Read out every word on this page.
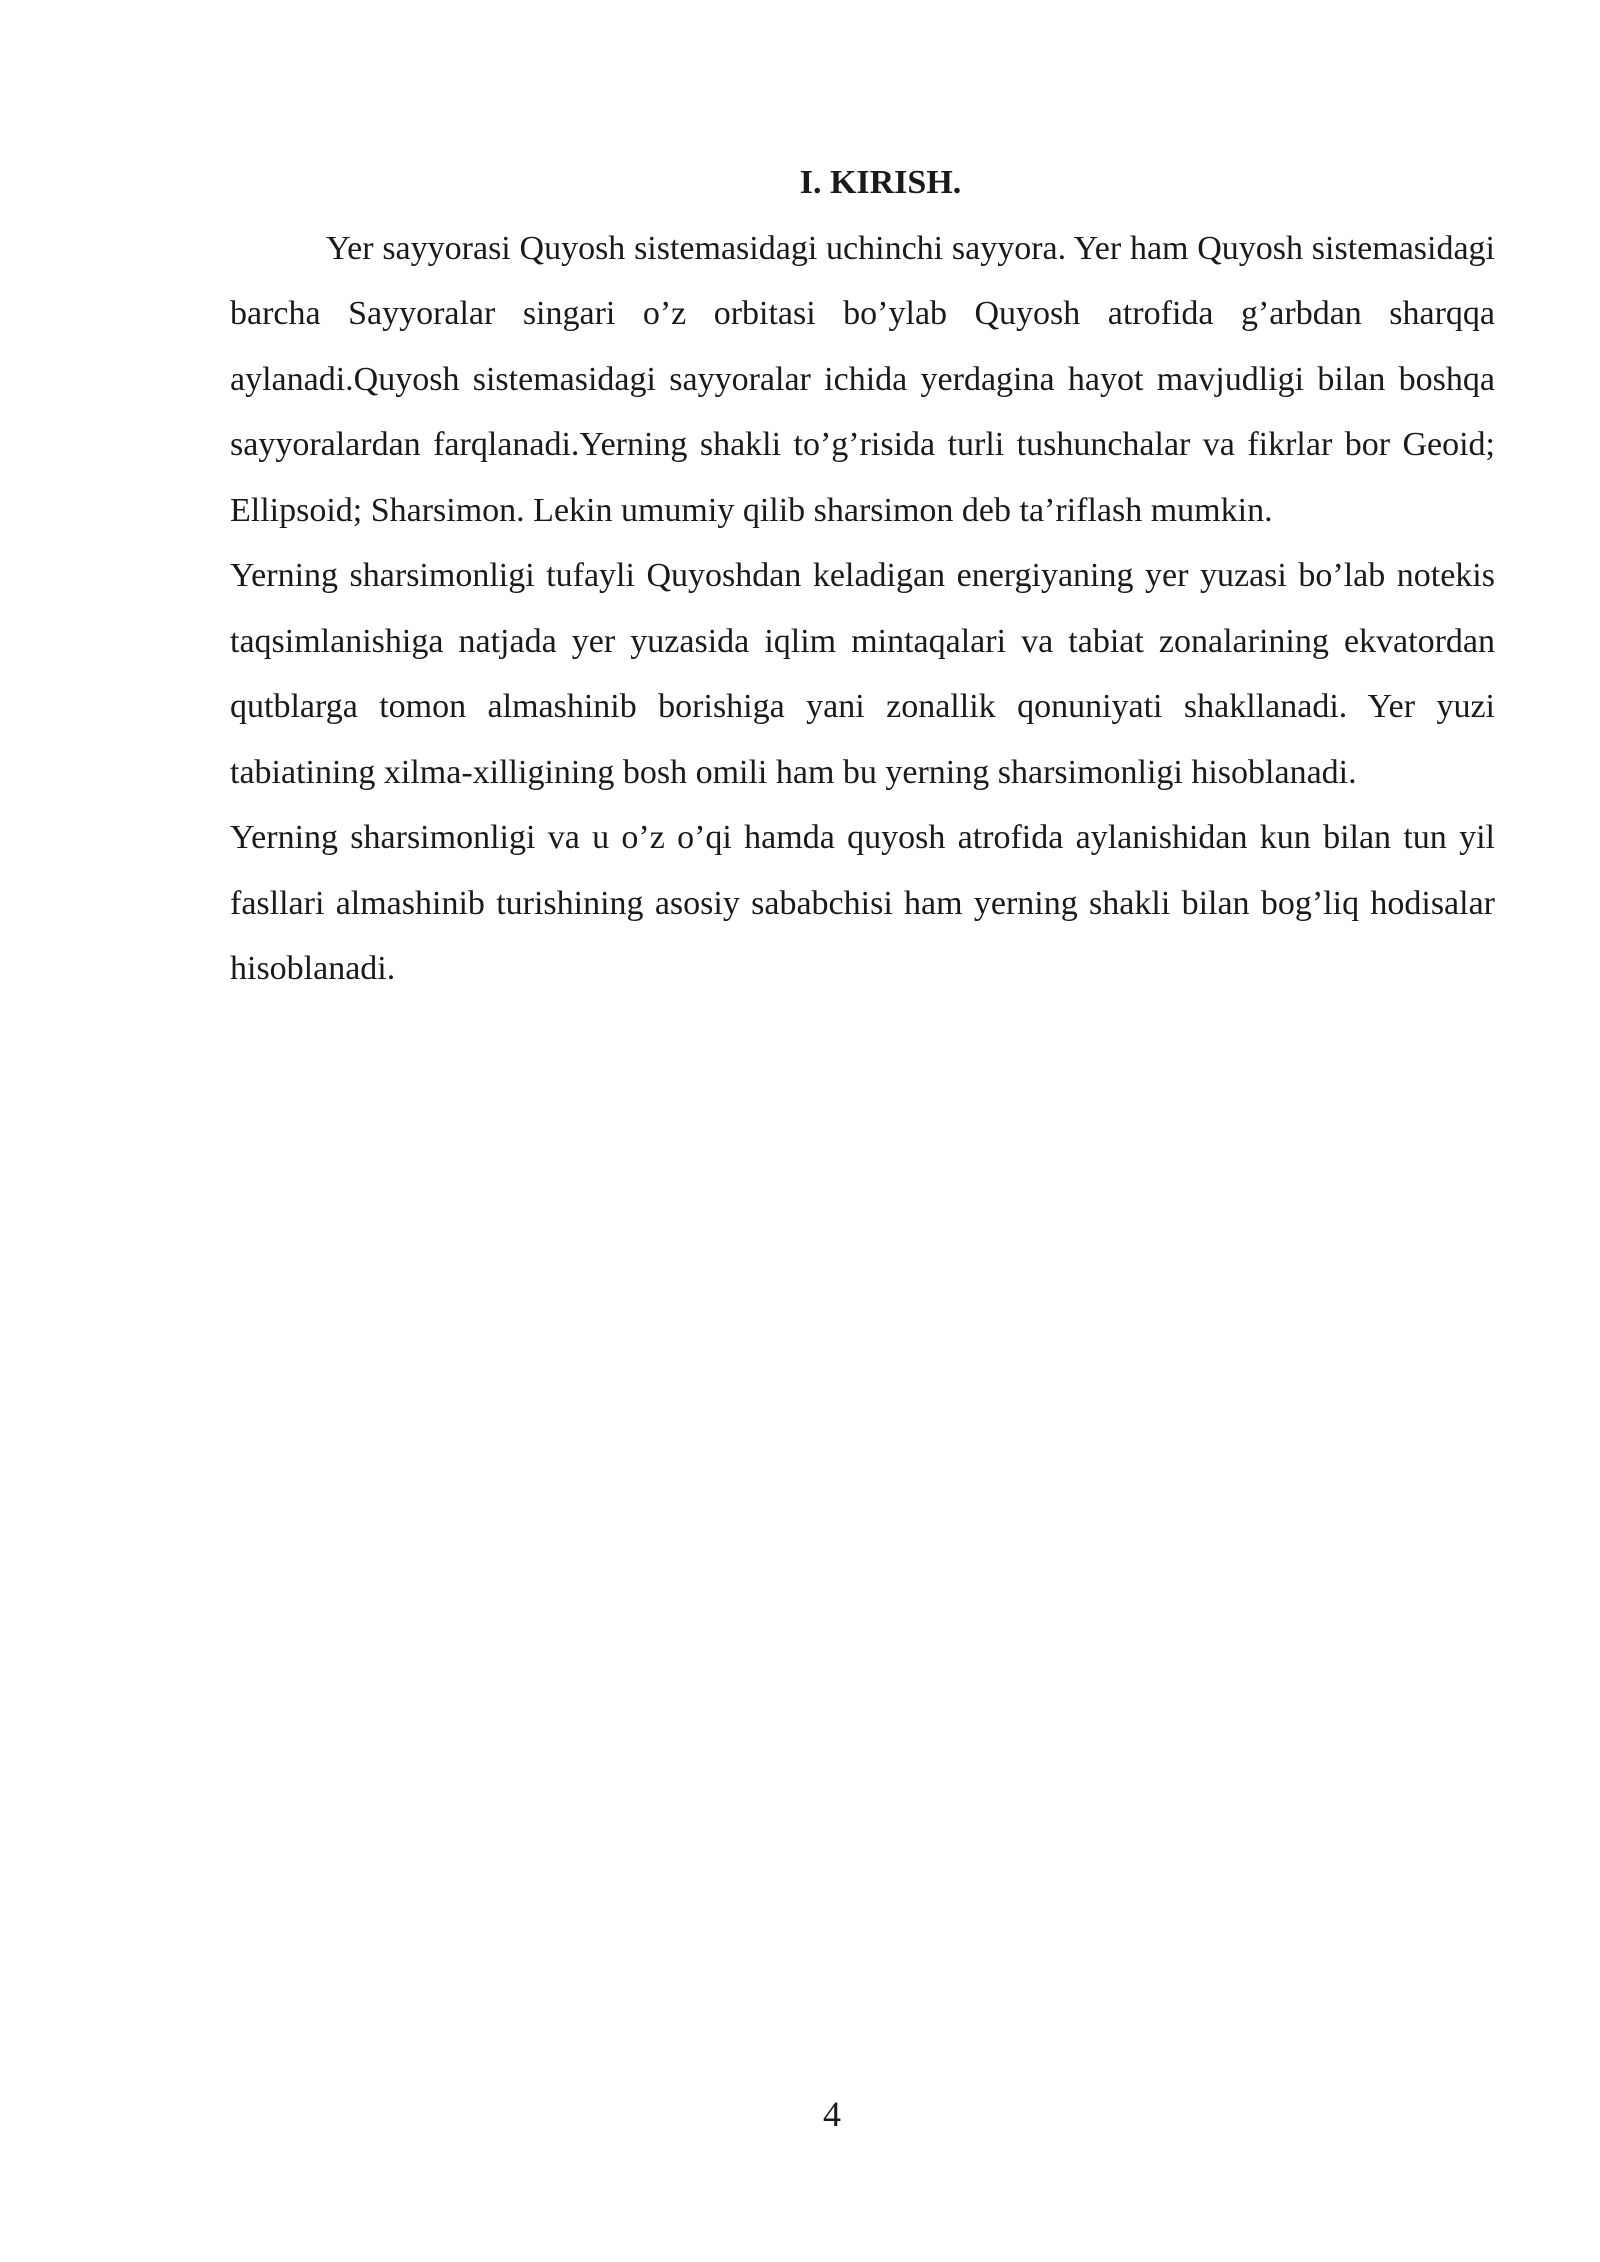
I. KIRISH.

Yer sayyorasi Quyosh sistemasidagi uchinchi sayyora. Yer ham Quyosh sistemasidagi barcha Sayyoralar singari o’z orbitasi bo’ylab Quyosh atrofida g’arbdan sharqqa aylanadi.Quyosh sistemasidagi sayyoralar ichida yerdagina hayot mavjudligi bilan boshqa sayyoralardan farqlanadi.Yerning shakli to’g’risida turli tushunchalar va fikrlar bor Geoid; Ellipsoid; Sharsimon. Lekin umumiy qilib sharsimon deb ta’riflash mumkin.

Yerning sharsimonligi tufayli Quyoshdan keladigan energiyaning yer yuzasi bo’lab notekis taqsimlanishiga natjada yer yuzasida iqlim mintaqalari va tabiat zonalarining ekvatordan qutblarga tomon almashinib borishiga yani zonallik qonuniyati shakllanadi. Yer yuzi tabiatining xilma-xilligining bosh omili ham bu yerning sharsimonligi hisoblanadi.

Yerning sharsimonligi va u o’z o’qi hamda quyosh atrofida aylanishidan kun bilan tun yil fasllari almashinib turishining asosiy sababchisi ham yerning shakli bilan bog’liq hodisalar hisoblanadi.

4
